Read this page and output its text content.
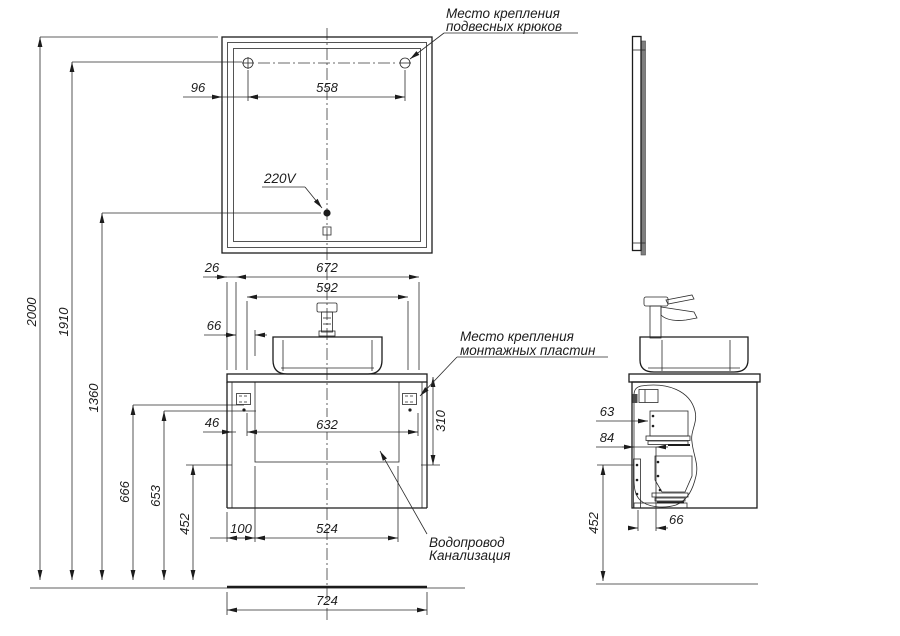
Место крепления
подвесных крюков
220V
96	558
2000 1910
1360
666 653
452
26	672
592
66
46	632	310
Место крепления
монтажных пластин
100	524
Водопровод
Канализация
724
63
84
66
452
